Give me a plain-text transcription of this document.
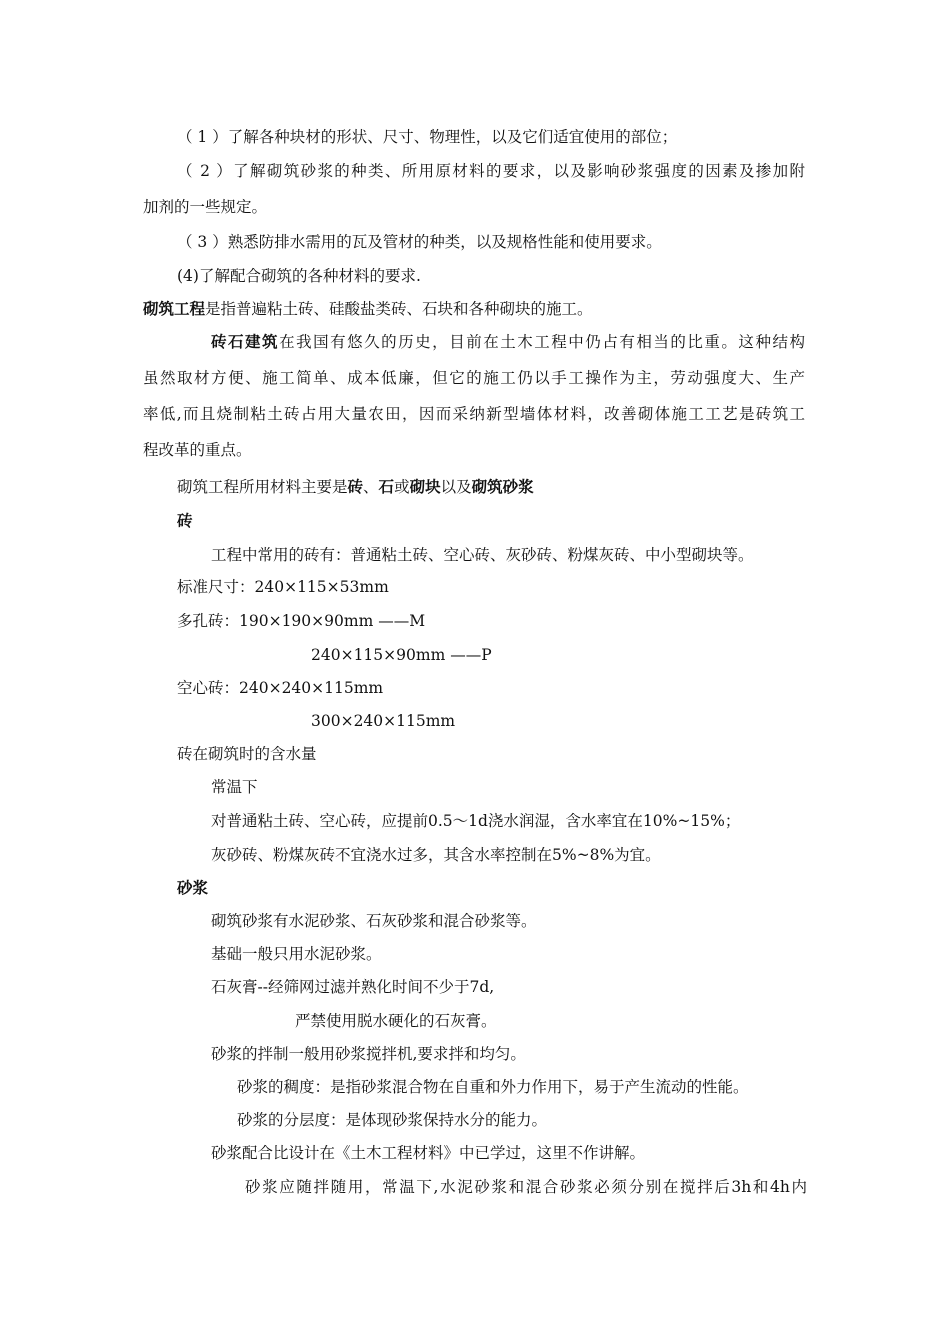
（ 1 ）了解各种块材的形状、尺寸、物理性，以及它们适宜使用的部位；
（ 2 ）了解砌筑砂浆的种类、所用原材料的要求，以及影响砂浆强度的因素及掺加附
加剂的一些规定。
（ 3 ）熟悉防排水需用的瓦及管材的种类，以及规格性能和使用要求。
(4)了解配合砌筑的各种材料的要求.
砌筑工程是指普遍粘土砖、硅酸盐类砖、石块和各种砌块的施工。
砖石建筑在我国有悠久的历史，目前在土木工程中仍占有相当的比重。这种结构
虽然取材方便、施工简单、成本低廉，但它的施工仍以手工操作为主，劳动强度大、生产
率低,而且烧制粘土砖占用大量农田，因而采纳新型墙体材料，改善砌体施工工艺是砖筑工
程改革的重点。
砌筑工程所用材料主要是砖、石或砌块以及砌筑砂浆
砖
工程中常用的砖有：普通粘土砖、空心砖、灰砂砖、粉煤灰砖、中小型砌块等。
标准尺寸：240×115×53mm
多孔砖：190×190×90mm ——M
240×115×90mm ——P
空心砖：240×240×115mm
300×240×115mm
砖在砌筑时的含水量
常温下
对普通粘土砖、空心砖，应提前0.5～1d浇水润湿，含水率宜在10%~15%；
灰砂砖、粉煤灰砖不宜浇水过多，其含水率控制在5%~8%为宜。
砂浆
砌筑砂浆有水泥砂浆、石灰砂浆和混合砂浆等。
基础一般只用水泥砂浆。
石灰膏--经筛网过滤并熟化时间不少于7d,
严禁使用脱水硬化的石灰膏。
砂浆的拌制一般用砂浆搅拌机,要求拌和均匀。
砂浆的稠度：是指砂浆混合物在自重和外力作用下，易于产生流动的性能。
砂浆的分层度：是体现砂浆保持水分的能力。
砂浆配合比设计在《土木工程材料》中已学过，这里不作讲解。
砂浆应随拌随用，常温下,水泥砂浆和混合砂浆必须分别在搅拌后3h和4h内
